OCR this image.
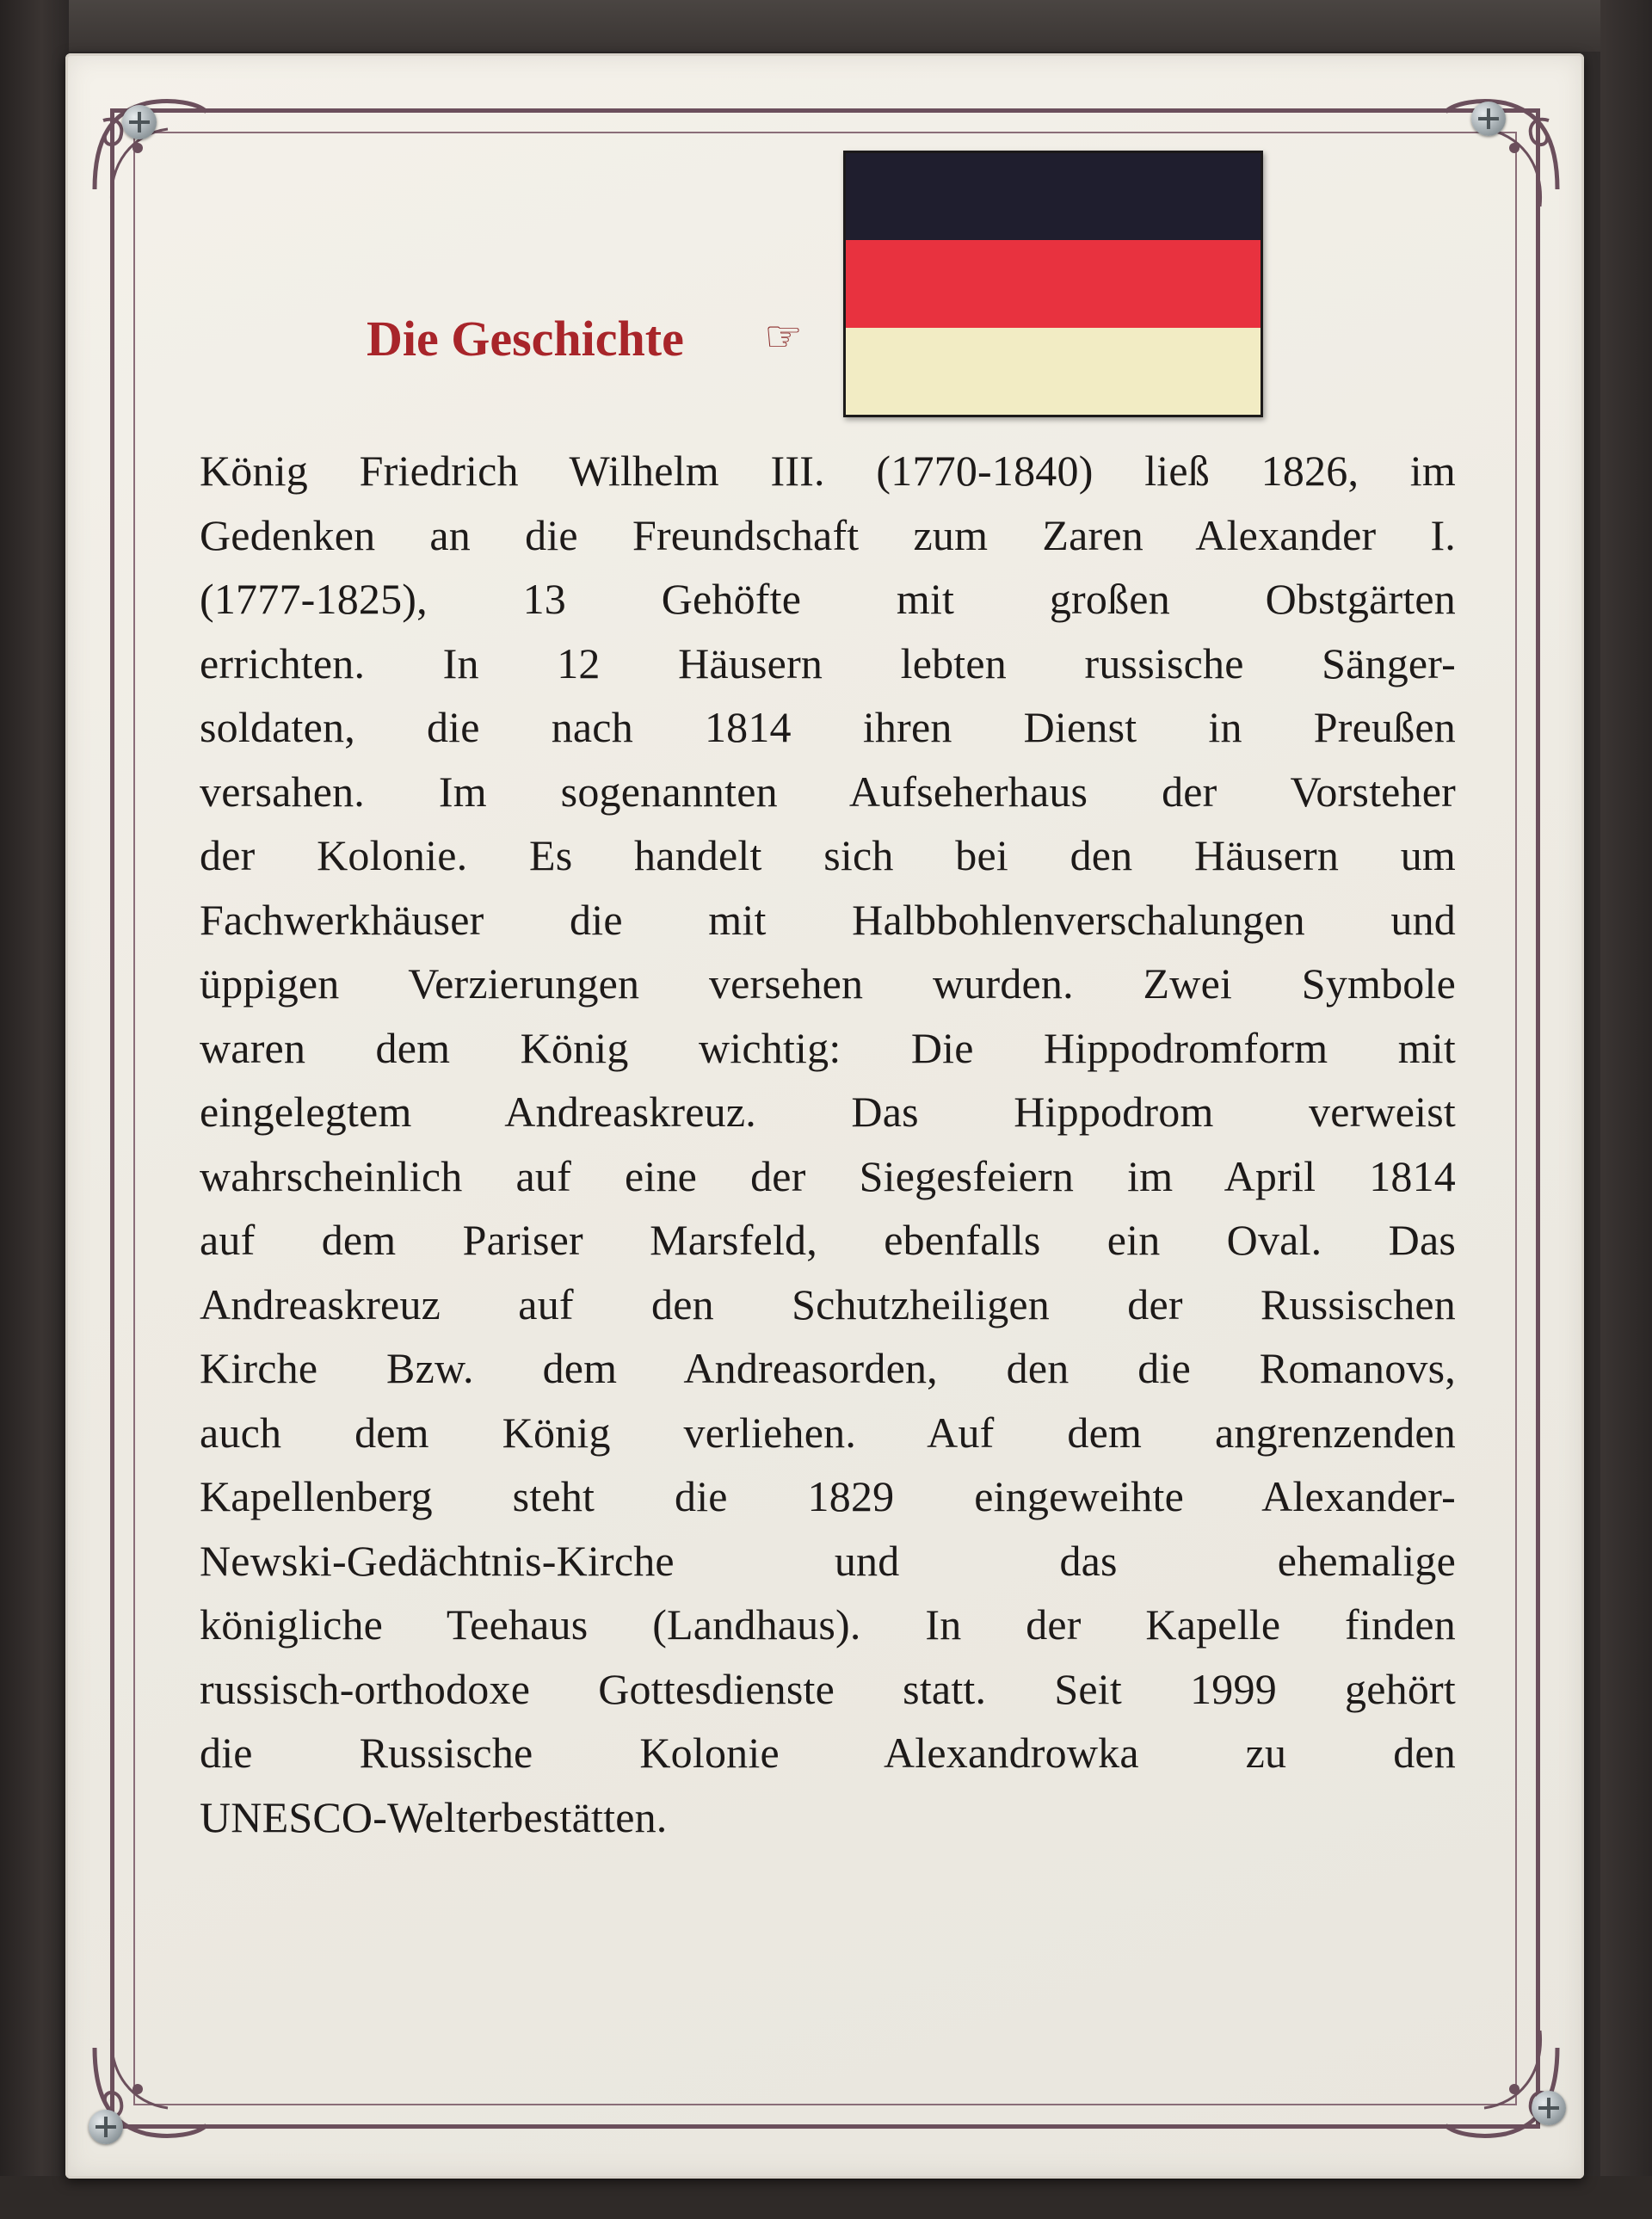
Die Geschichte ☞
König Friedrich Wilhelm III. (1770-1840) ließ 1826, im
Gedenken an die Freundschaft zum Zaren Alexander I.
(1777-1825), 13 Gehöfte mit großen Obstgärten
errichten. In 12 Häusern lebten russische Sänger-
soldaten, die nach 1814 ihren Dienst in Preußen
versahen. Im sogenannten Aufseherhaus der Vorsteher
der Kolonie. Es handelt sich bei den Häusern um
Fachwerkhäuser die mit Halbbohlenverschalungen und
üppigen Verzierungen versehen wurden. Zwei Symbole
waren dem König wichtig: Die Hippodromform mit
eingelegtem Andreaskreuz. Das Hippodrom verweist
wahrscheinlich auf eine der Siegesfeiern im April 1814
auf dem Pariser Marsfeld, ebenfalls ein Oval. Das
Andreaskreuz auf den Schutzheiligen der Russischen
Kirche Bzw. dem Andreasorden, den die Romanovs,
auch dem König verliehen. Auf dem angrenzenden
Kapellenberg steht die 1829 eingeweihte Alexander-
Newski-Gedächtnis-Kirche und das ehemalige
königliche Teehaus (Landhaus). In der Kapelle finden
russisch-orthodoxe Gottesdienste statt. Seit 1999 gehört
die Russische Kolonie Alexandrowka zu den
UNESCO-Welterbestätten.
